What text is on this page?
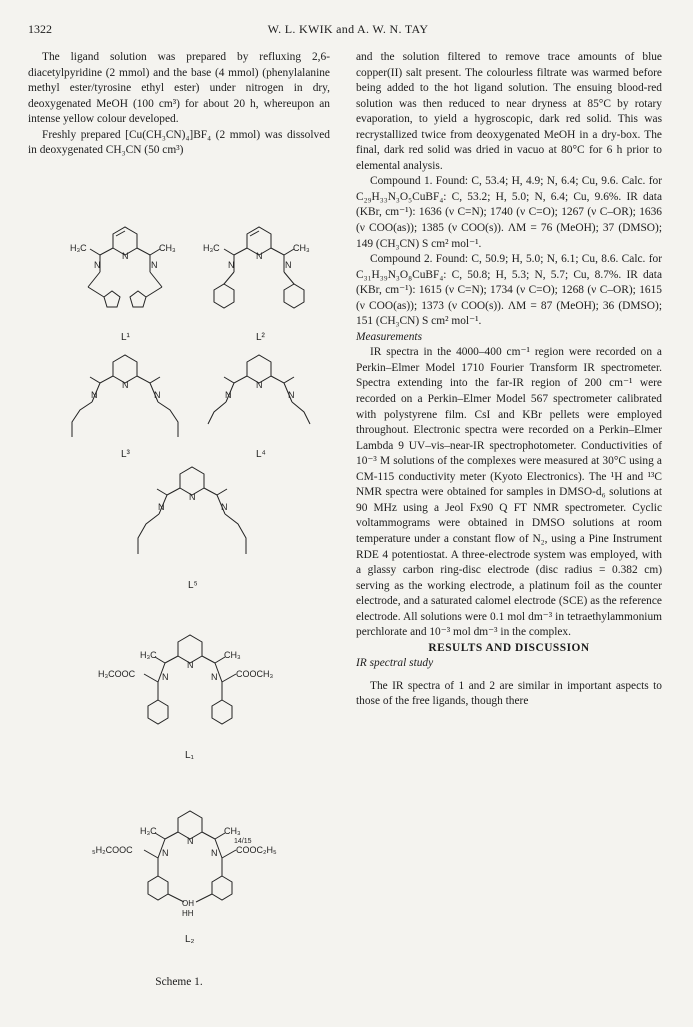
1322	W. L. KWIK and A. W. N. TAY

The ligand solution was prepared by refluxing 2,6-diacetylpyridine (2 mmol) and the base (4 mmol) (phenylalanine methyl ester/tyrosine ethyl ester) under nitrogen in dry, deoxygenated MeOH (100 cm³) for about 20 h, whereupon an intense yellow colour developed.

Freshly prepared [Cu(CH₃CN)₄]BF₄ (2 mmol) was dissolved in deoxygenated CH₃CN (50 cm³)

H₃C	CH₃
N
N	N
L¹
H₃C	CH₃
N
N	N
L²
N
N	N
L³
N
N	N
L⁴
N
N	N
L⁵
H₃C	CH₃
N
N	N
H₃COOC	COOCH₃
L₁
H₃C	CH₃
N
N	N
₅H₂COOC	COOC₂H₅
14/15
OH
HH
L₂
Scheme 1.

and the solution filtered to remove trace amounts of blue copper(II) salt present. The colourless filtrate was warmed before being added to the hot ligand solution. The ensuing blood-red solution was then reduced to near dryness at 85°C by rotary evaporation, to yield a hygroscopic, dark red solid. This was recrystallized twice from deoxygenated MeOH in a dry-box. The final, dark red solid was dried in vacuo at 80°C for 6 h prior to elemental analysis.

Compound 1. Found: C, 53.4; H, 4.9; N, 6.4; Cu, 9.6. Calc. for C₂₉H₃₃N₃O₅CuBF₄: C, 53.2; H, 5.0; N, 6.4; Cu, 9.6%. IR data (KBr, cm⁻¹): 1636 (ν C=N); 1740 (ν C=O); 1267 (ν C–OR); 1636 (ν COO(as)); 1385 (ν COO(s)). ΛM = 76 (MeOH); 37 (DMSO); 149 (CH₃CN) S cm² mol⁻¹.

Compound 2. Found: C, 50.9; H, 5.0; N, 6.1; Cu, 8.6. Calc. for C₃₁H₃₉N₃O₈CuBF₄: C, 50.8; H, 5.3; N, 5.7; Cu, 8.7%. IR data (KBr, cm⁻¹): 1615 (ν C=N); 1734 (ν C=O); 1268 (ν C–OR); 1615 (ν COO(as)); 1373 (ν COO(s)). ΛM = 87 (MeOH); 36 (DMSO); 151 (CH₃CN) S cm² mol⁻¹.

Measurements

IR spectra in the 4000–400 cm⁻¹ region were recorded on a Perkin–Elmer Model 1710 Fourier Transform IR spectrometer. Spectra extending into the far-IR region of 200 cm⁻¹ were recorded on a Perkin–Elmer Model 567 spectrometer calibrated with polystyrene film. CsI and KBr pellets were employed throughout. Electronic spectra were recorded on a Perkin–Elmer Lambda 9 UV–vis–near-IR spectrophotometer. Conductivities of 10⁻³ M solutions of the complexes were measured at 30°C using a CM-115 conductivity meter (Kyoto Electronics). The ¹H and ¹³C NMR spectra were obtained for samples in DMSO-d₆ solutions at 90 MHz using a Jeol Fx90 Q FT NMR spectrometer. Cyclic voltammograms were obtained in DMSO solutions at room temperature under a constant flow of N₂, using a Pine Instrument RDE 4 potentiostat. A three-electrode system was employed, with a glassy carbon ring-disc electrode (disc radius = 0.382 cm) serving as the working electrode, a platinum foil as the counter electrode, and a saturated calomel electrode (SCE) as the reference electrode. All solutions were 0.1 mol dm⁻³ in tetraethylammonium perchlorate and 10⁻³ mol dm⁻³ in the complex.

RESULTS AND DISCUSSION

IR spectral study

The IR spectra of 1 and 2 are similar in important aspects to those of the free ligands, though there
